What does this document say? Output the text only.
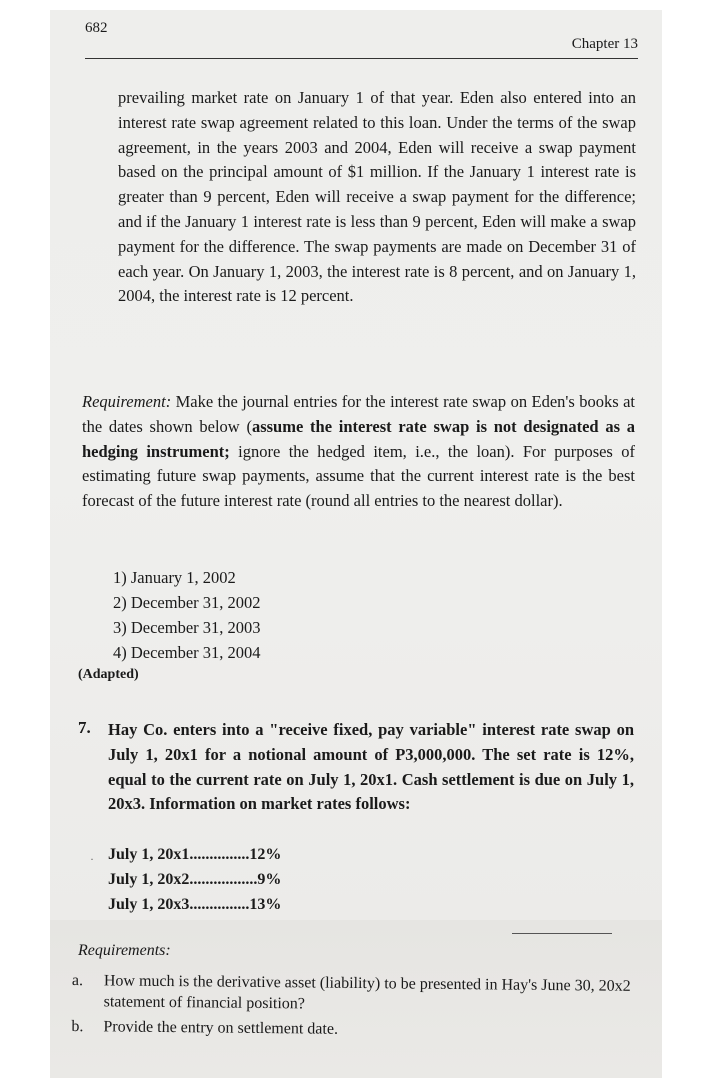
682
Chapter 13

prevailing market rate on January 1 of that year. Eden also entered into an interest rate swap agreement related to this loan. Under the terms of the swap agreement, in the years 2003 and 2004, Eden will receive a swap payment based on the principal amount of $1 million. If the January 1 interest rate is greater than 9 percent, Eden will receive a swap payment for the difference; and if the January 1 interest rate is less than 9 percent, Eden will make a swap payment for the difference. The swap payments are made on December 31 of each year. On January 1, 2003, the interest rate is 8 percent, and on January 1, 2004, the interest rate is 12 percent.

Requirement: Make the journal entries for the interest rate swap on Eden's books at the dates shown below (assume the interest rate swap is not designated as a hedging instrument; ignore the hedged item, i.e., the loan). For purposes of estimating future swap payments, assume that the current interest rate is the best forecast of the future interest rate (round all entries to the nearest dollar).

1) January 1, 2002
2) December 31, 2002
3) December 31, 2003
4) December 31, 2004
(Adapted)
7. Hay Co. enters into a "receive fixed, pay variable" interest rate swap on July 1, 20x1 for a notional amount of P3,000,000. The set rate is 12%, equal to the current rate on July 1, 20x1. Cash settlement is due on July 1, 20x3. Information on market rates follows:

· July 1, 20x1...............12%
July 1, 20x2.................9%
July 1, 20x3...............13%
Requirements:
a. How much is the derivative asset (liability) to be presented in Hay's June 30, 20x2 statement of financial position?
b. Provide the entry on settlement date.
